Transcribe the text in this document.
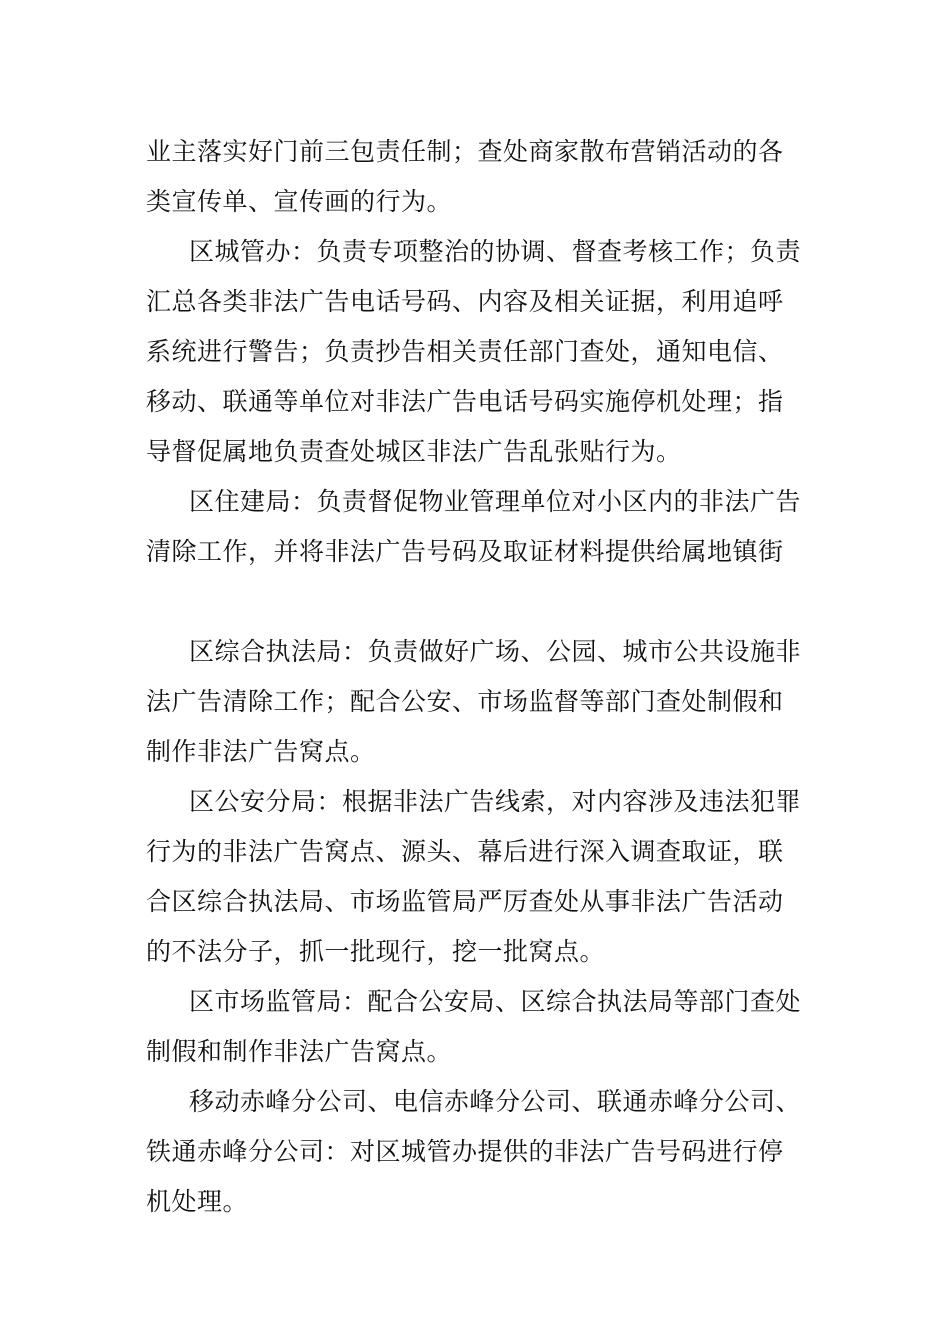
业主落实好门前三包责任制；查处商家散布营销活动的各
类宣传单、宣传画的行为。
区城管办：负责专项整治的协调、督查考核工作；负责
汇总各类非法广告电话号码、内容及相关证据，利用追呼
系统进行警告；负责抄告相关责任部门查处，通知电信、
移动、联通等单位对非法广告电话号码实施停机处理；指
导督促属地负责查处城区非法广告乱张贴行为。
区住建局：负责督促物业管理单位对小区内的非法广告
清除工作，并将非法广告号码及取证材料提供给属地镇街
区综合执法局：负责做好广场、公园、城市公共设施非
法广告清除工作；配合公安、市场监督等部门查处制假和
制作非法广告窝点。
区公安分局：根据非法广告线索，对内容涉及违法犯罪
行为的非法广告窝点、源头、幕后进行深入调查取证，联
合区综合执法局、市场监管局严厉查处从事非法广告活动
的不法分子，抓一批现行，挖一批窝点。
区市场监管局：配合公安局、区综合执法局等部门查处
制假和制作非法广告窝点。
移动赤峰分公司、电信赤峰分公司、联通赤峰分公司、
铁通赤峰分公司：对区城管办提供的非法广告号码进行停
机处理。
